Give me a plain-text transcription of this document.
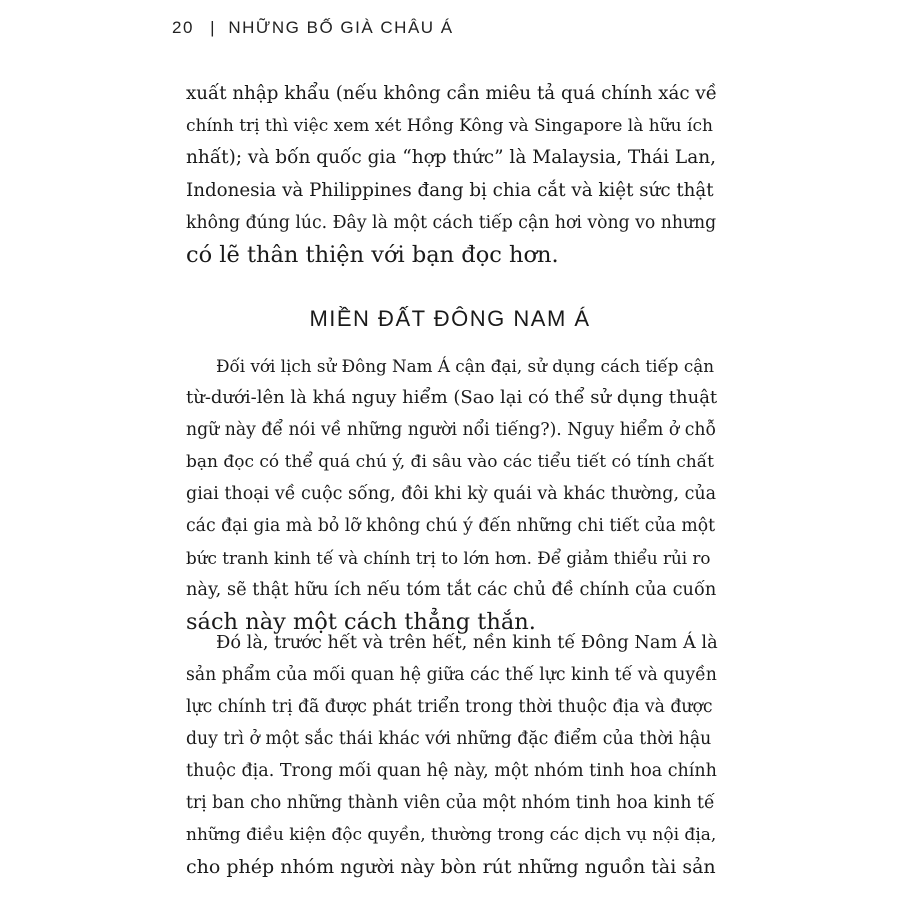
20 | NHỮNG BỐ GIÀ CHÂU Á
xuất nhập khẩu (nếu không cần miêu tả quá chính xác về
chính trị thì việc xem xét Hồng Kông và Singapore là hữu ích
nhất); và bốn quốc gia “hợp thức” là Malaysia, Thái Lan,
Indonesia và Philippines đang bị chia cắt và kiệt sức thật
không đúng lúc. Đây là một cách tiếp cận hơi vòng vo nhưng
có lẽ thân thiện với bạn đọc hơn.
MIỀN ĐẤT ĐÔNG NAM Á
Đối với lịch sử Đông Nam Á cận đại, sử dụng cách tiếp cận
từ-dưới-lên là khá nguy hiểm (Sao lại có thể sử dụng thuật
ngữ này để nói về những người nổi tiếng?). Nguy hiểm ở chỗ
bạn đọc có thể quá chú ý, đi sâu vào các tiểu tiết có tính chất
giai thoại về cuộc sống, đôi khi kỳ quái và khác thường, của
các đại gia mà bỏ lỡ không chú ý đến những chi tiết của một
bức tranh kinh tế và chính trị to lớn hơn. Để giảm thiểu rủi ro
này, sẽ thật hữu ích nếu tóm tắt các chủ đề chính của cuốn
sách này một cách thẳng thắn.
Đó là, trước hết và trên hết, nền kinh tế Đông Nam Á là
sản phẩm của mối quan hệ giữa các thế lực kinh tế và quyền
lực chính trị đã được phát triển trong thời thuộc địa và được
duy trì ở một sắc thái khác với những đặc điểm của thời hậu
thuộc địa. Trong mối quan hệ này, một nhóm tinh hoa chính
trị ban cho những thành viên của một nhóm tinh hoa kinh tế
những điều kiện độc quyền, thường trong các dịch vụ nội địa,
cho phép nhóm người này bòn rút những nguồn tài sản
